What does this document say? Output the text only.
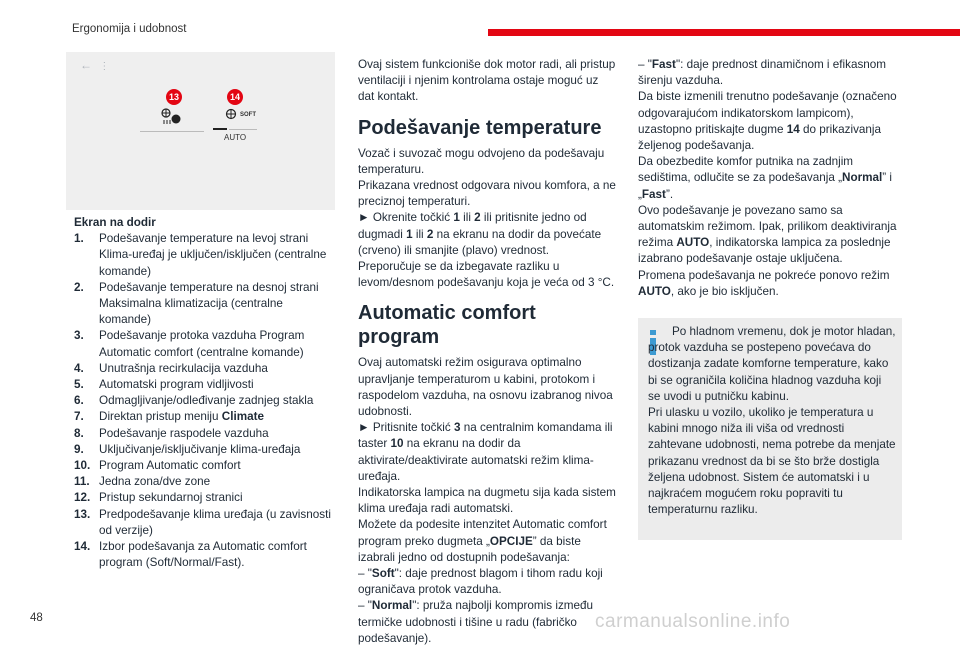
Ergonomija i udobnost
← ⋮
13	14
SOFT
AUTO

Ekran na dodir

1.	Podešavanje temperature na levoj strani Klima-uređaj je uključen/isključen (centralne komande)
2.	Podešavanje temperature na desnoj strani Maksimalna klimatizacija (centralne komande)
3.	Podešavanje protoka vazduha Program Automatic comfort (centralne komande)
4.	Unutrašnja recirkulacija vazduha
5.	Automatski program vidljivosti
6.	Odmagljivanje/odleđivanje zadnjeg stakla
7.	Direktan pristup meniju Climate
8.	Podešavanje raspodele vazduha
9.	Uključivanje/isključivanje klima-uređaja
10. Program Automatic comfort
11. Jedna zona/dve zone
12. Pristup sekundarnoj stranici
13. Predpodešavanje klima uređaja (u zavisnosti od verzije)
14. Izbor podešavanja za Automatic comfort program (Soft/Normal/Fast).

Ovaj sistem funkcioniše dok motor radi, ali pristup ventilaciji i njenim kontrolama ostaje moguć uz dat kontakt.

Podešavanje temperature

Vozač i suvozač mogu odvojeno da podešavaju temperaturu.

Prikazana vrednost odgovara nivou komfora, a ne preciznoj temperaturi.

► Okrenite točkić 1 ili 2 ili pritisnite jedno od dugmadi 1 ili 2 na ekranu na dodir da povećate (crveno) ili smanjite (plavo) vrednost.

Preporučuje se da izbegavate razliku u levom/desnom podešavanju koja je veća od 3 °C.

Automatic comfort program

Ovaj automatski režim osigurava optimalno upravljanje temperaturom u kabini, protokom i raspodelom vazduha, na osnovu izabranog nivoa udobnosti.

► Pritisnite točkić 3 na centralnim komandama ili taster 10 na ekranu na dodir da aktivirate/deaktivirate automatski režim klima-uređaja.

Indikatorska lampica na dugmetu sija kada sistem klima uređaja radi automatski.

Možete da podesite intenzitet Automatic comfort program preko dugmeta „OPCIJE” da biste izabrali jedno od dostupnih podešavanja:

– "Soft": daje prednost blagom i tihom radu koji ograničava protok vazduha.

– "Normal": pruža najbolji kompromis između termičke udobnosti i tišine u radu (fabričko podešavanje).

– "Fast": daje prednost dinamičnom i efikasnom širenju vazduha.

Da biste izmenili trenutno podešavanje (označeno odgovarajućom indikatorskom lampicom), uzastopno pritiskajte dugme 14 do prikazivanja željenog podešavanja.

Da obezbedite komfor putnika na zadnjim sedištima, odlučite se za podešavanja „Normal” i „Fast”.

Ovo podešavanje je povezano samo sa automatskim režimom. Ipak, prilikom deaktiviranja režima AUTO, indikatorska lampica za poslednje izabrano podešavanje ostaje uključena.

Promena podešavanja ne pokreće ponovo režim AUTO, ako je bio isključen.

Po hladnom vremenu, dok je motor hladan, protok vazduha se postepeno povećava do dostizanja zadate komforne temperature, kako bi se ograničila količina hladnog vazduha koji se uvodi u putničku kabinu.

Pri ulasku u vozilo, ukoliko je temperatura u kabini mnogo niža ili viša od vrednosti zahtevane udobnosti, nema potrebe da menjate prikazanu vrednost da bi se što brže dostigla željena udobnost. Sistem će automatski i u najkraćem mogućem roku popraviti tu temperaturnu razliku.

48	carmanualsonline.info
